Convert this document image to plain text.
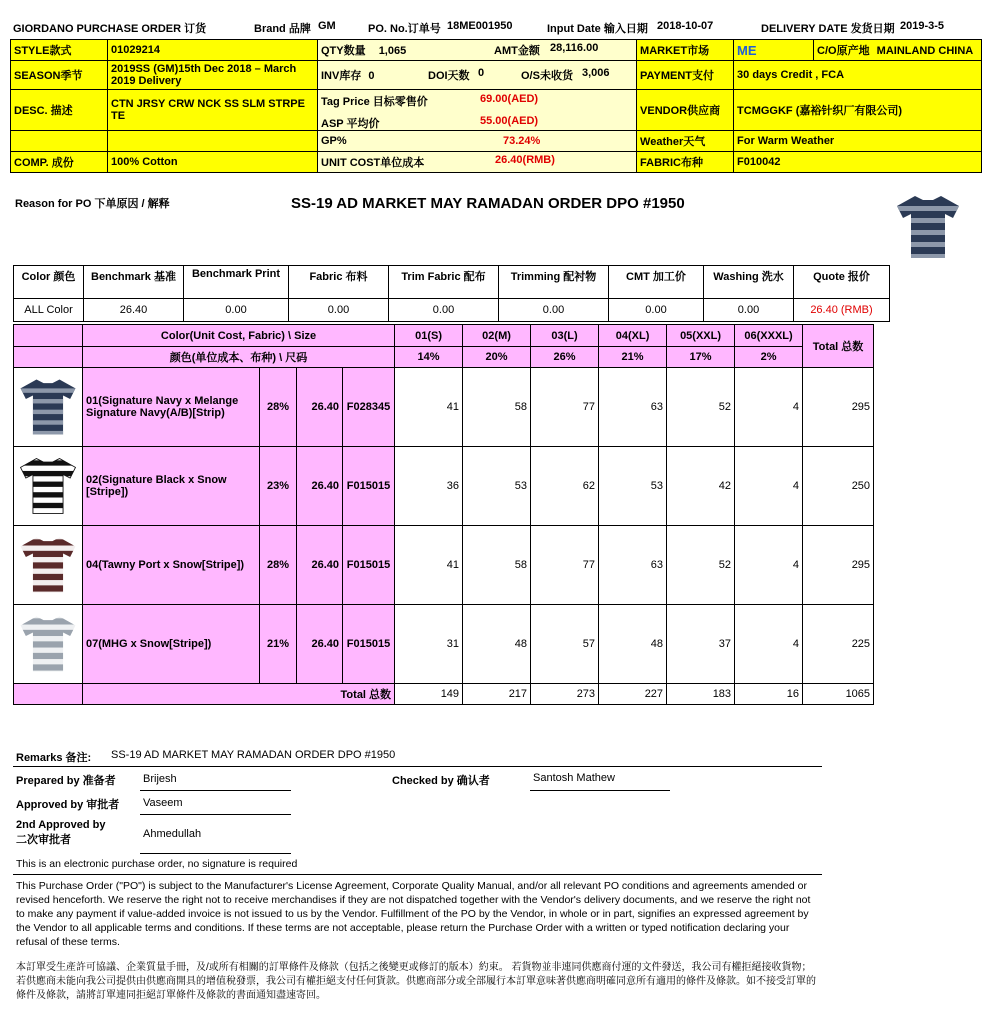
GIORDANO PURCHASE ORDER 订货	Brand 品牌 GM	PO. No.订单号 18ME001950	Input Date 输入日期 2018-10-07	DELIVERY DATE 发货日期 2019-3-5
STYLE款式	01029214	QTY数量 1,065 AMT金额 28,116.00	MARKET市场	ME	C/O原产地 MAINLAND CHINA
SEASON季节	2019SS (GM)15th Dec 2018 – March 2019 Delivery	INV库存 0 DOI天数 0 O/S未收货 3,006	PAYMENT支付	30 days Credit , FCA	
DESC. 描述	CTN JRSY CRW NCK SS SLM STRPE TE	Tag Price 目标零售价 69.00(AED)
ASP 平均价 55.00(AED)	VENDOR供应商	TCMGGKF (嘉裕针织厂有限公司)	
		GP% 73.24%	Weather天气	For Warm Weather	
COMP. 成份	100% Cotton	UNIT COST单位成本 26.40(RMB)	FABRIC布种	F010042	
Reason for PO 下单原因 / 解释	SS-19 AD MARKET MAY RAMADAN ORDER DPO #1950
Color 颜色	Benchmark 基准	Benchmark Print	Fabric 布料	Trim Fabric 配布	Trimming 配衬物	CMT 加工价	Washing 洗水	Quote 报价
ALL Color	26.40	0.00	0.00	0.00	0.00	0.00	0.00	26.40 (RMB)
	Color(Unit Cost, Fabric) \ Size				01(S)	02(M)	03(L)	04(XL)	05(XXL)	06(XXXL)	Total 总数
	颜色(单位成本、布种) \ 尺码				14%	20%	26%	21%	17%	2%	

	01(Signature Navy x Melange Signature Navy(A/B)[Strip)	28%	26.40	F028345	41	58	77	63	52	4	295

	02(Signature Black x Snow [Stripe])	23%	26.40	F015015	36	53	62	53	42	4	250

	04(Tawny Port x Snow[Stripe])	28%	26.40	F015015	41	58	77	63	52	4	295

	07(MHG x Snow[Stripe])	21%	26.40	F015015	31	48	57	48	37	4	225
	Total 总数				149	217	273	227	183	16	1065
Remarks 备注: SS-19 AD MARKET MAY RAMADAN ORDER DPO #1950
Prepared by 准备者 Brijesh	Checked by 确认者	Santosh Mathew
Approved by 审批者 Vaseem
2nd Approved by
二次审批者	Ahmedullah
This is an electronic purchase order, no signature is required
This Purchase Order ("PO") is subject to the Manufacturer's License Agreement, Corporate Quality Manual, and/or all relevant PO conditions and agreements amended or revised henceforth. We reserve the right not to receive merchandises if they are not dispatched together with the Vendor's delivery documents, and we reserve the right not to make any payment if value-added invoice is not issued to us by the Vendor. Fulfillment of the PO by the Vendor, in whole or in part, signifies an expressed agreement by the Vendor to all applicable terms and conditions. If these terms are not acceptable, please return the Purchase Order with a written or typed notification declaring your refusal of these terms.
本訂單受生產許可協議、企業質量手冊，及/或所有相關的訂單條件及條款（包括之後變更或修訂的版本）約束。 若貨物並非連同供應商付運的文件發送，我公司有權拒絕接收貨物；若供應商未能向我公司提供由供應商開具的增值稅發票，我公司有權拒絕支付任何貨款。供應商部分或全部履行本訂單意味著供應商明確同意所有適用的條件及條款。如不接受訂單的條件及條款，請將訂單連同拒絕訂單條件及條款的書面通知盡速寄回。
